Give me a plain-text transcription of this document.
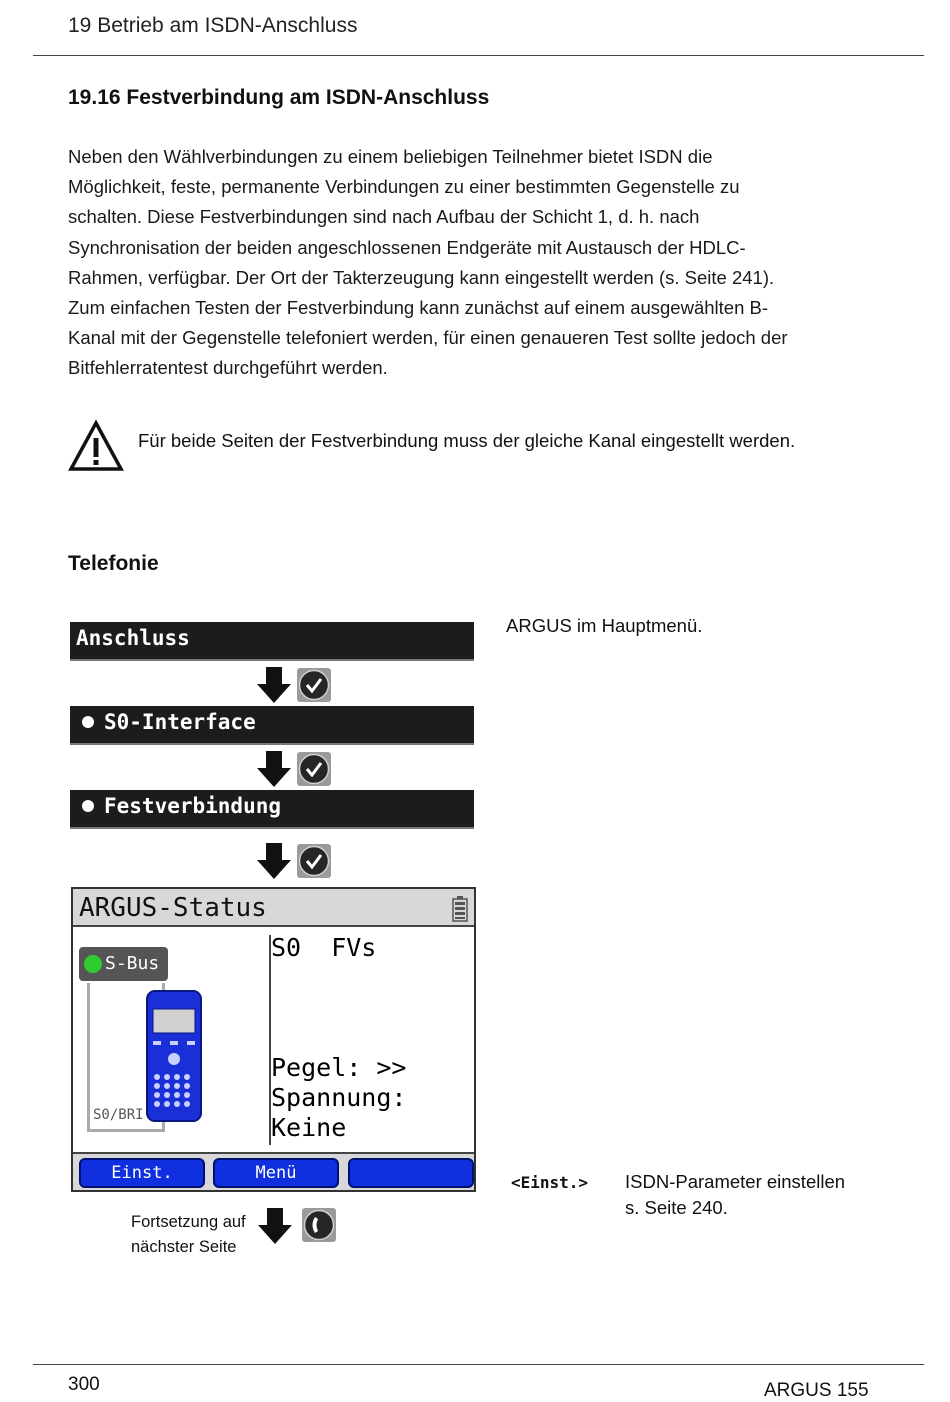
19 Betrieb am ISDN-Anschluss
19.16 Festverbindung am ISDN-Anschluss

Neben den Wählverbindungen zu einem beliebigen Teilnehmer bietet ISDN die

Möglichkeit, feste, permanente Verbindungen zu einer bestimmten Gegenstelle zu

schalten. Diese Festverbindungen sind nach Aufbau der Schicht 1, d. h. nach

Synchronisation der beiden angeschlossenen Endgeräte mit Austausch der HDLC-

Rahmen, verfügbar. Der Ort der Takterzeugung kann eingestellt werden (s. Seite 241).

Zum einfachen Testen der Festverbindung kann zunächst auf einem ausgewählten B-

Kanal mit der Gegenstelle telefoniert werden, für einen genaueren Test sollte jedoch der

Bitfehlerratentest durchgeführt werden.

Für beide Seiten der Festverbindung muss der gleiche Kanal eingestellt werden.
Telefonie
Anschluss
S0-Interface
Festverbindung
ARGUS im Hauptmenü.
ARGUS-Status
S-Bus
S0/BRI
S0  FVs
Pegel: >>
Spannung:
Keine
Einst.	Menü	<Einst.> ISDN-Parameter einstellen
s. Seite 240.
Fortsetzung auf
nächster Seite
300	ARGUS 155
